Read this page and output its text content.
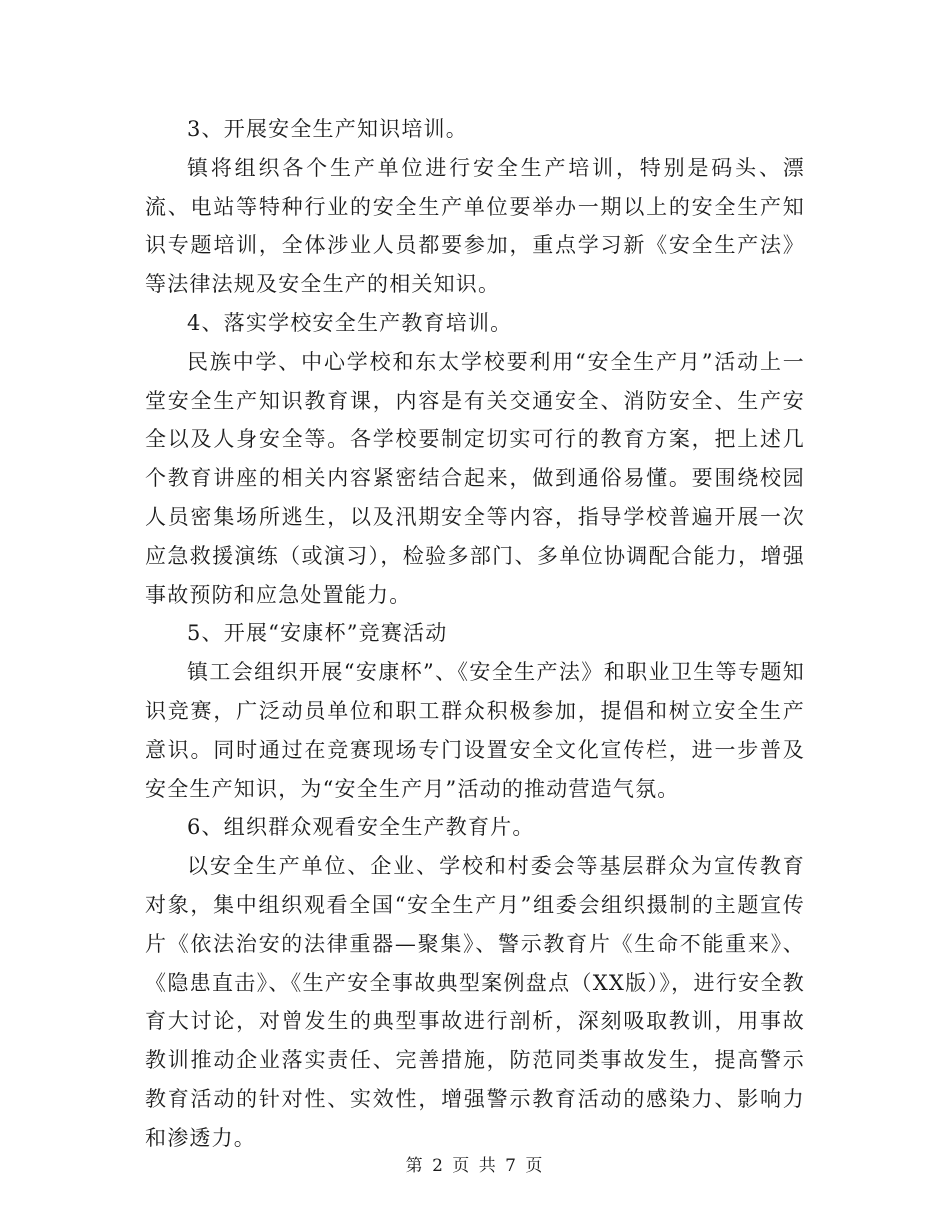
3、开展安全生产知识培训。

镇将组织各个生产单位进行安全生产培训，特别是码头、漂流、电站等特种行业的安全生产单位要举办一期以上的安全生产知识专题培训，全体涉业人员都要参加，重点学习新《安全生产法》等法律法规及安全生产的相关知识。

4、落实学校安全生产教育培训。

民族中学、中心学校和东太学校要利用“安全生产月”活动上一堂安全生产知识教育课，内容是有关交通安全、消防安全、生产安全以及人身安全等。各学校要制定切实可行的教育方案，把上述几个教育讲座的相关内容紧密结合起来，做到通俗易懂。要围绕校园人员密集场所逃生，以及汛期安全等内容，指导学校普遍开展一次应急救援演练（或演习），检验多部门、多单位协调配合能力，增强事故预防和应急处置能力。

5、开展“安康杯”竞赛活动

镇工会组织开展“安康杯”、《安全生产法》和职业卫生等专题知识竞赛，广泛动员单位和职工群众积极参加，提倡和树立安全生产意识。同时通过在竞赛现场专门设置安全文化宣传栏，进一步普及安全生产知识，为“安全生产月”活动的推动营造气氛。

6、组织群众观看安全生产教育片。

以安全生产单位、企业、学校和村委会等基层群众为宣传教育对象，集中组织观看全国“安全生产月”组委会组织摄制的主题宣传片《依法治安的法律重器—聚集》、警示教育片《生命不能重来》、《隐患直击》、《生产安全事故典型案例盘点（XX版）》，进行安全教育大讨论，对曾发生的典型事故进行剖析，深刻吸取教训，用事故教训推动企业落实责任、完善措施，防范同类事故发生，提高警示教育活动的针对性、实效性，增强警示教育活动的感染力、影响力和渗透力。

第 2 页 共 7 页
